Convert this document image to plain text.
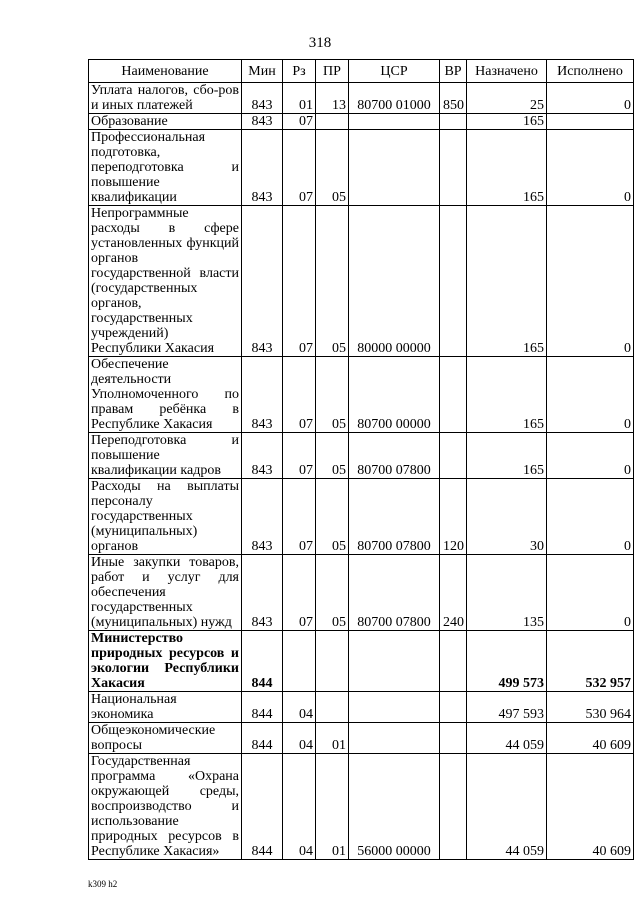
318
Наименование	Мин	Рз	ПР	ЦСР	ВР	Назначено	Исполнено
Уплата налогов, сбо-ров и иных платежей	843	01	13	80700 01000	850	25	0
Образование	843	07				165	
Профессиональная подготовка, переподготовка и повышение квалификации	843	07	05			165	0
Непрограммные расходы в сфере установленных функций органов государственной власти (государственных органов, государственных учреждений) Республики Хакасия	843	07	05	80000 00000		165	0
Обеспечение деятельности Уполномоченного по правам ребёнка в Республике Хакасия	843	07	05	80700 00000		165	0
Переподготовка и повышение квалификации кадров	843	07	05	80700 07800		165	0
Расходы на выплаты персоналу государственных (муниципальных) органов	843	07	05	80700 07800	120	30	0
Иные закупки товаров, работ и услуг для обеспечения государственных (муниципальных) нужд	843	07	05	80700 07800	240	135	0
Министерство природных ресурсов и экологии Республики Хакасия	844					499 573	532 957
Национальная экономика	844	04				497 593	530 964
Общеэкономические вопросы	844	04	01			44 059	40 609
Государственная программа «Охрана окружающей среды, воспроизводство и использование природных ресурсов в Республике Хакасия»	844	04	01	56000 00000		44 059	40 609
k309 h2
